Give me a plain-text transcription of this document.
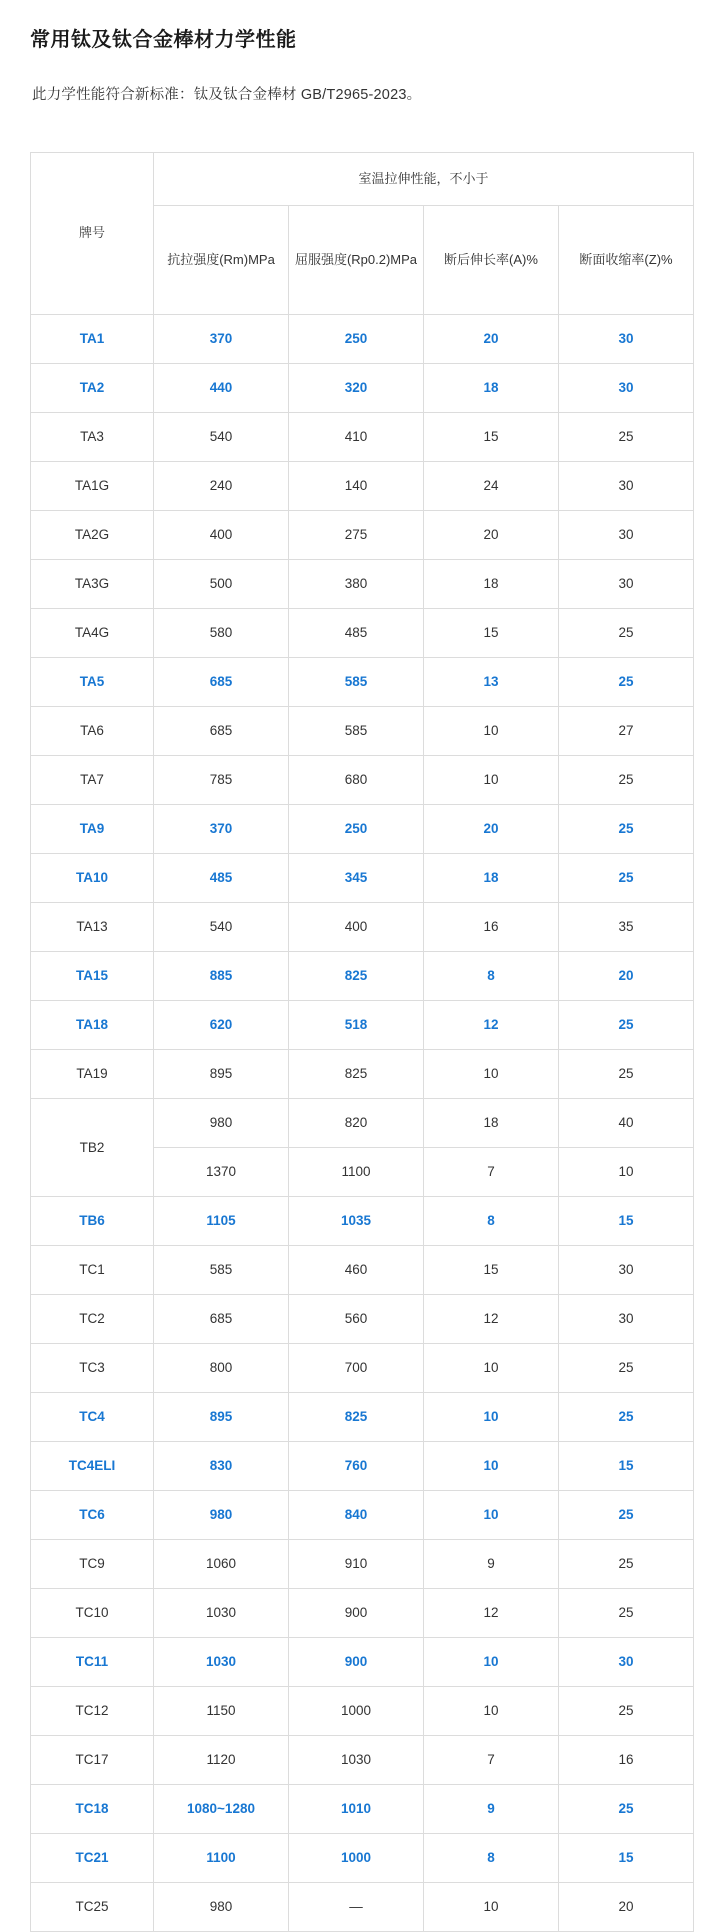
常用钛及钛合金棒材力学性能

此力学性能符合新标准：钛及钛合金棒材 GB/T2965-2023。

牌号	室温拉伸性能，不小于			
	抗拉强度(Rm)MPa	屈服强度(Rp0.2)MPa	断后伸长率(A)%	断面收缩率(Z)%
TA1	370	250	20	30
TA2	440	320	18	30
TA3	540	410	15	25
TA1G	240	140	24	30
TA2G	400	275	20	30
TA3G	500	380	18	30
TA4G	580	485	15	25
TA5	685	585	13	25
TA6	685	585	10	27
TA7	785	680	10	25
TA9	370	250	20	25
TA10	485	345	18	25
TA13	540	400	16	35
TA15	885	825	8	20
TA18	620	518	12	25
TA19	895	825	10	25
TB2	980	820	18	40
	1370	1100	7	10
TB6	1105	1035	8	15
TC1	585	460	15	30
TC2	685	560	12	30
TC3	800	700	10	25
TC4	895	825	10	25
TC4ELI	830	760	10	15
TC6	980	840	10	25
TC9	1060	910	9	25
TC10	1030	900	12	25
TC11	1030	900	10	30
TC12	1150	1000	10	25
TC17	1120	1030	7	16
TC18	1080~1280	1010	9	25
TC21	1100	1000	8	15
TC25	980	—	10	20
